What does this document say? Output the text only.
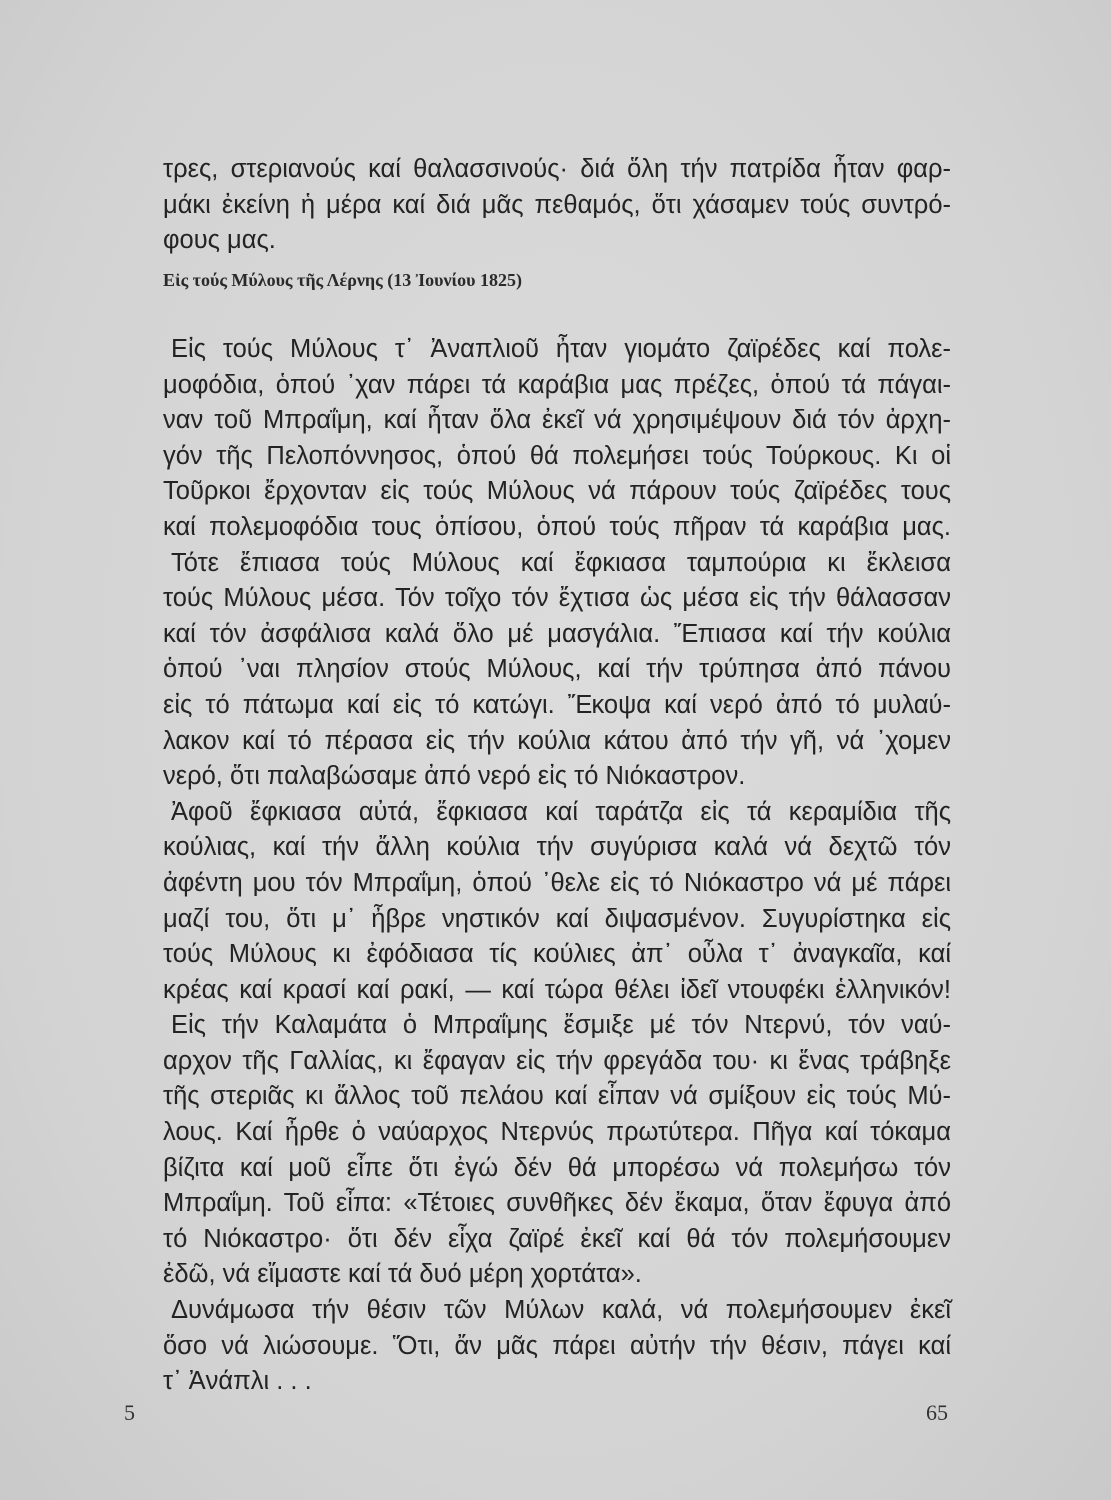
τρες, στεριανούς καί θαλασσινούς· διά ὅλη τήν πατρίδα ἦταν φαρ-
μάκι ἐκείνη ἡ μέρα καί διά μᾶς πεθαμός, ὅτι χάσαμεν τούς συντρό-
φους μας.
Εἰς τούς Μύλους τῆς Λέρνης (13 Ἰουνίου 1825)
Εἰς τούς Μύλους τ᾽ Ἀναπλιοῦ ἦταν γιομάτο ζαϊρέδες καί πολε-
μοφόδια, ὁπού ᾽χαν πάρει τά καράβια μας πρέζες, ὁπού τά πάγαι-
ναν τοῦ Μπραΐμη, καί ἦταν ὅλα ἐκεῖ νά χρησιμέψουν διά τόν ἀρχη-
γόν τῆς Πελοπόννησος, ὁπού θά πολεμήσει τούς Τούρκους. Κι οἱ
Τοῦρκοι ἔρχονταν εἰς τούς Μύλους νά πάρουν τούς ζαϊρέδες τους
καί πολεμοφόδια τους ὀπίσου, ὁπού τούς πῆραν τά καράβια μας.
Τότε ἔπιασα τούς Μύλους καί ἔφκιασα ταμπούρια κι ἔκλεισα
τούς Μύλους μέσα. Τόν τοῖχο τόν ἔχτισα ὡς μέσα εἰς τήν θάλασσαν
καί τόν ἀσφάλισα καλά ὅλο μέ μασγάλια. Ἔπιασα καί τήν κούλια
ὁπού ᾽ναι πλησίον στούς Μύλους, καί τήν τρύπησα ἀπό πάνου
εἰς τό πάτωμα καί εἰς τό κατώγι. Ἔκοψα καί νερό ἀπό τό μυλαύ-
λακον καί τό πέρασα εἰς τήν κούλια κάτου ἀπό τήν γῆ, νά ᾽χομεν
νερό, ὅτι παλαβώσαμε ἀπό νερό εἰς τό Νιόκαστρον.
Ἀφοῦ ἔφκιασα αὐτά, ἔφκιασα καί ταράτζα εἰς τά κεραμίδια τῆς
κούλιας, καί τήν ἄλλη κούλια τήν συγύρισα καλά νά δεχτῶ τόν
ἀφέντη μου τόν Μπραΐμη, ὁπού ᾽θελε εἰς τό Νιόκαστρο νά μέ πάρει
μαζί του, ὅτι μ᾽ ἦβρε νηστικόν καί διψασμένον. Συγυρίστηκα εἰς
τούς Μύλους κι ἐφόδιασα τίς κούλιες ἀπ᾽ οὖλα τ᾽ ἀναγκαῖα, καί
κρέας καί κρασί καί ρακί, — καί τώρα θέλει ἰδεῖ ντουφέκι ἑλληνικόν!
Εἰς τήν Καλαμάτα ὁ Μπραΐμης ἔσμιξε μέ τόν Ντερνύ, τόν ναύ-
αρχον τῆς Γαλλίας, κι ἔφαγαν εἰς τήν φρεγάδα του· κι ἕνας τράβηξε
τῆς στεριᾶς κι ἄλλος τοῦ πελάου καί εἶπαν νά σμίξουν εἰς τούς Μύ-
λους. Καί ἦρθε ὁ ναύαρχος Ντερνύς πρωτύτερα. Πῆγα καί τόκαμα
βίζιτα καί μοῦ εἶπε ὅτι ἐγώ δέν θά μπορέσω νά πολεμήσω τόν
Μπραΐμη. Τοῦ εἶπα: «Τέτοιες συνθῆκες δέν ἔκαμα, ὅταν ἔφυγα ἀπό
τό Νιόκαστρο· ὅτι δέν εἶχα ζαϊρέ ἐκεῖ καί θά τόν πολεμήσουμεν
ἐδῶ, νά εἴμαστε καί τά δυό μέρη χορτάτα».
Δυνάμωσα τήν θέσιν τῶν Μύλων καλά, νά πολεμήσουμεν ἐκεῖ
ὅσο νά λιώσουμε. Ὅτι, ἄν μᾶς πάρει αὐτήν τήν θέσιν, πάγει καί
τ᾽ Ἀνάπλι . . .
5	65
